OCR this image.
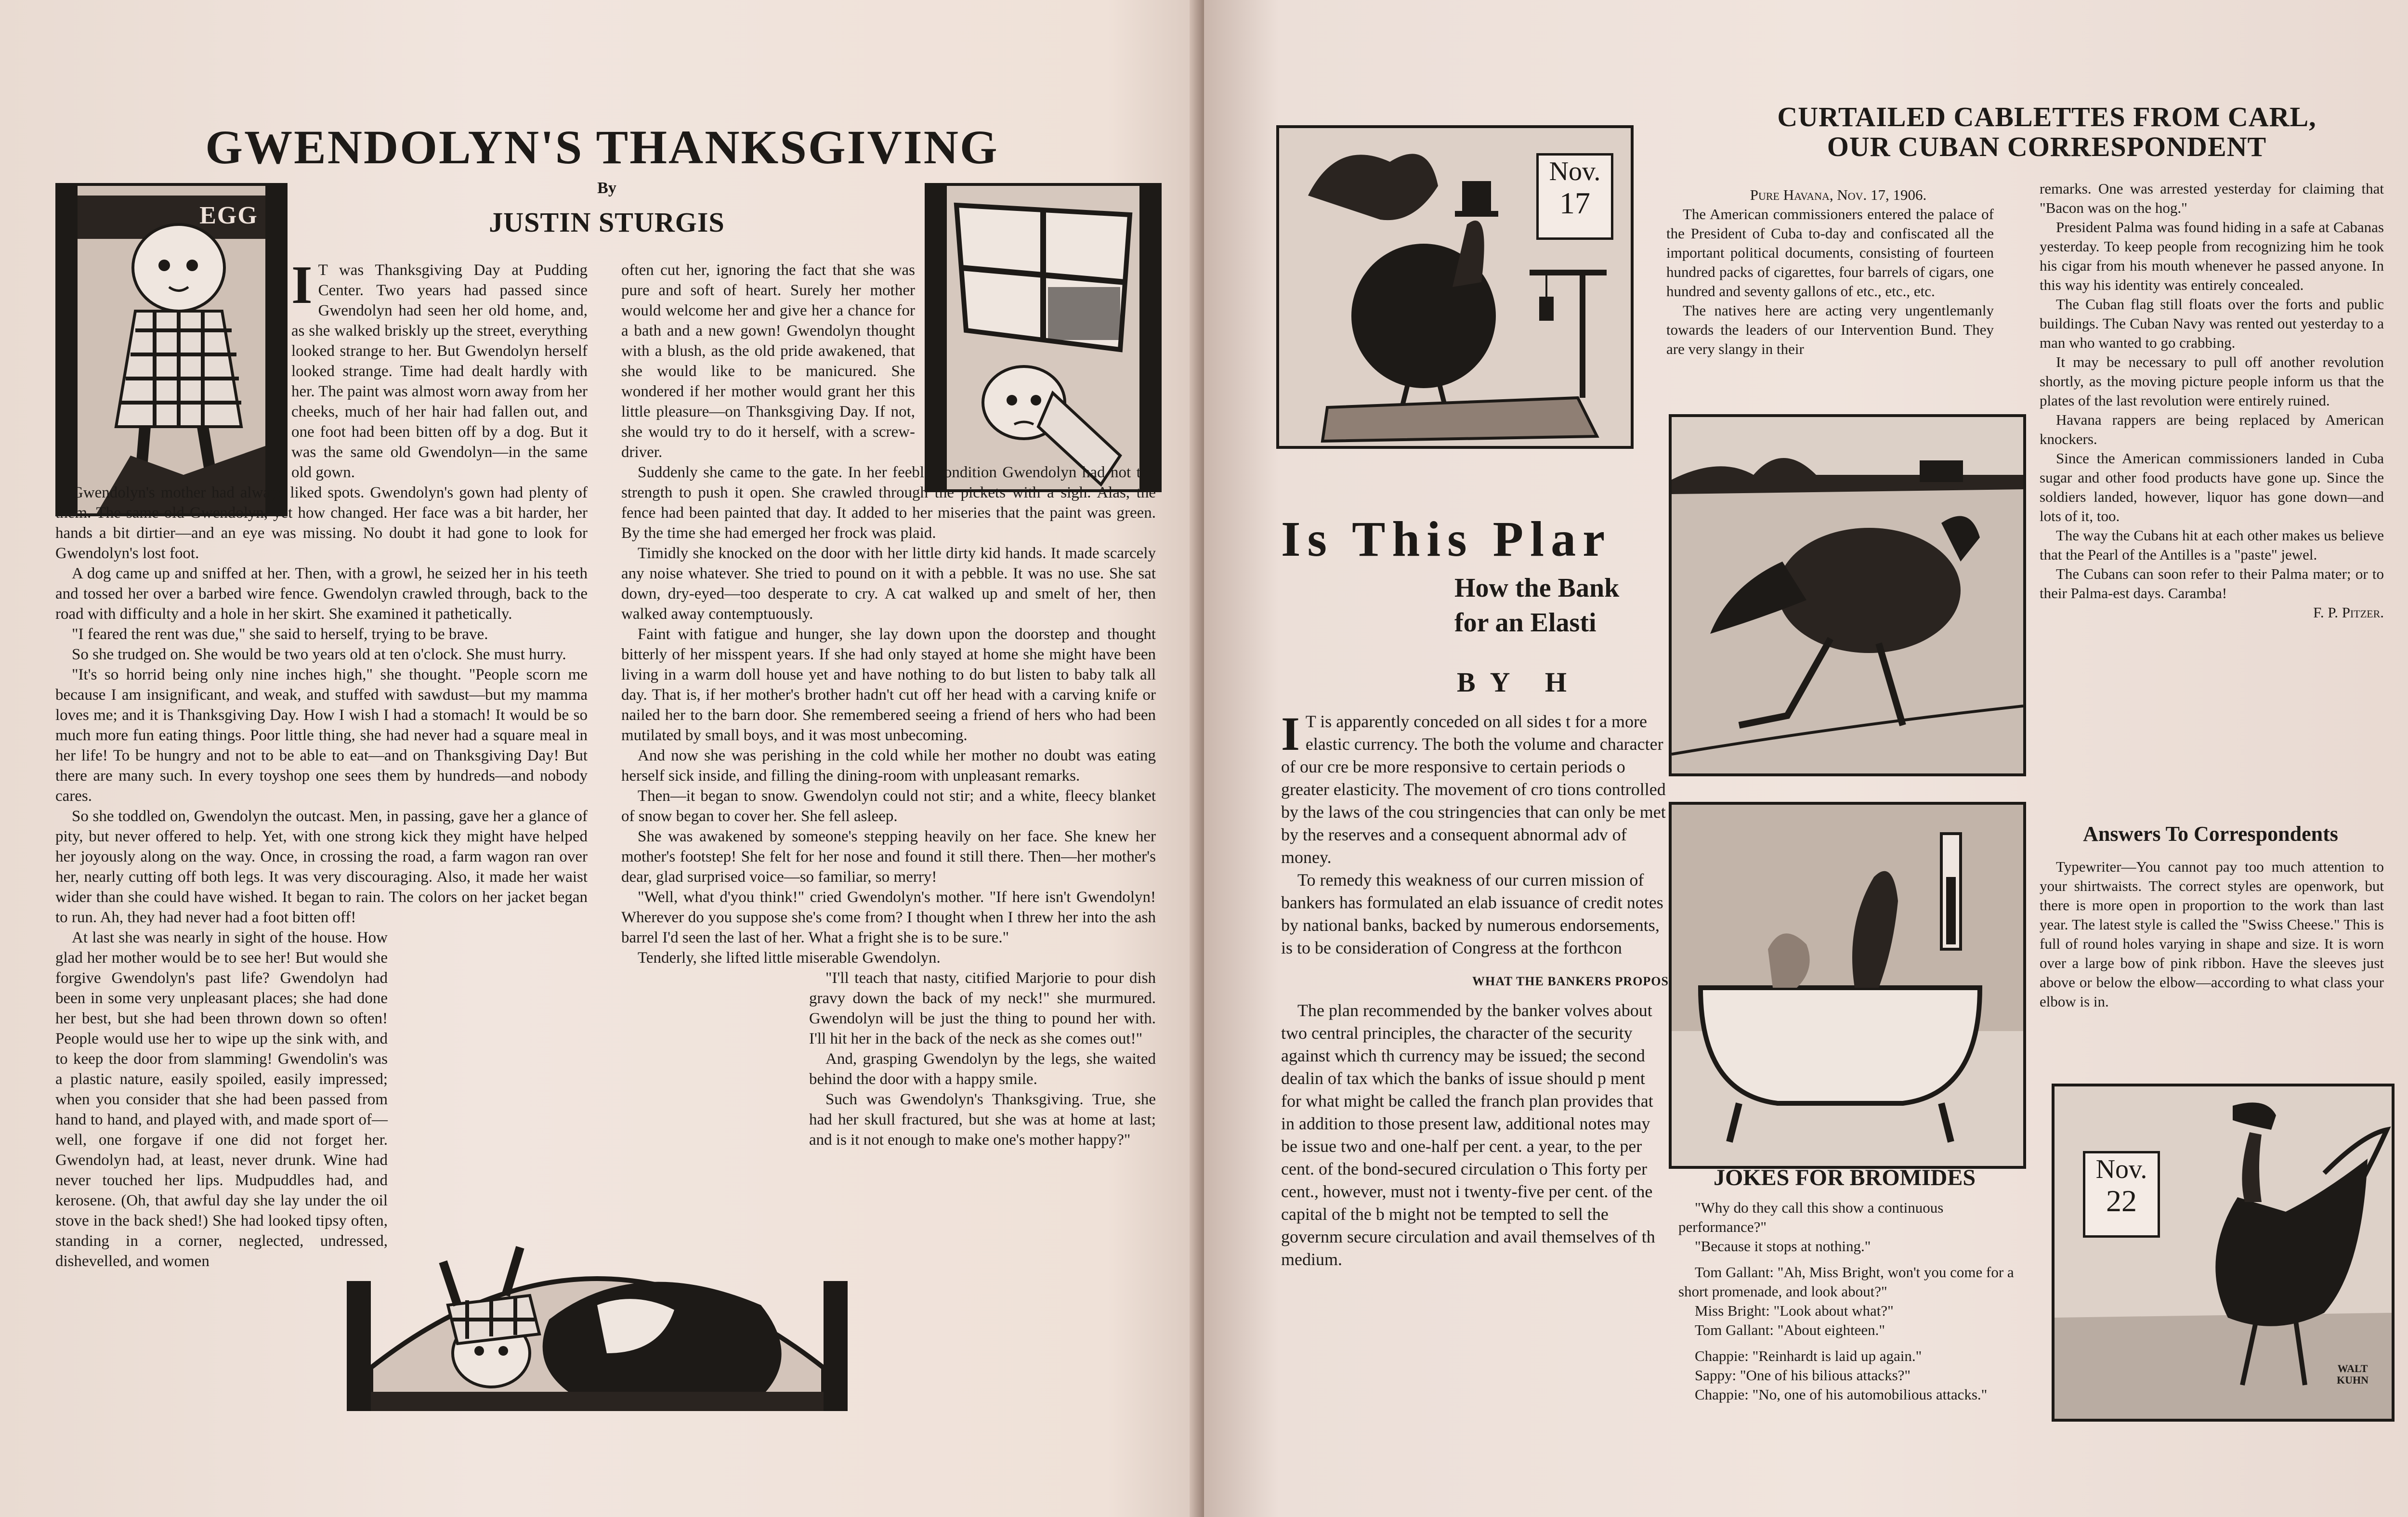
GWENDOLYN'S THANKSGIVING
By
JUSTIN STURGIS
EGG
I T was Thanksgiving Day at Pudding Center. Two years had passed since Gwendolyn had seen her old home, and, as she walked briskly up the street, everything looked strange to her. But Gwendolyn herself looked strange. Time had dealt hardly with her. The paint was almost worn away from her cheeks, much of her hair had fallen out, and one foot had been bitten off by a dog. But it was the same old Gwendolyn—in the same old gown.

Gwendolyn's mother had always liked spots. Gwendolyn's gown had plenty of them. The same old Gwendolyn, yet how changed. Her face was a bit harder, her hands a bit dirtier—and an eye was missing. No doubt it had gone to look for Gwendolyn's lost foot.

A dog came up and sniffed at her. Then, with a growl, he seized her in his teeth and tossed her over a barbed wire fence. Gwendolyn crawled through, back to the road with difficulty and a hole in her skirt. She examined it pathetically.

"I feared the rent was due," she said to herself, trying to be brave.

So she trudged on. She would be two years old at ten o'clock. She must hurry.

"It's so horrid being only nine inches high," she thought. "People scorn me because I am insignificant, and weak, and stuffed with sawdust—but my mamma loves me; and it is Thanksgiving Day. How I wish I had a stomach! It would be so much more fun eating things. Poor little thing, she had never had a square meal in her life! To be hungry and not to be able to eat—and on Thanksgiving Day! But there are many such. In every toyshop one sees them by hundreds—and nobody cares.

So she toddled on, Gwendolyn the outcast. Men, in passing, gave her a glance of pity, but never offered to help. Yet, with one strong kick they might have helped her joyously along on the way. Once, in crossing the road, a farm wagon ran over her, nearly cutting off both legs. It was very discouraging. Also, it made her waist wider than she could have wished. It began to rain. The colors on her jacket began to run. Ah, they had never had a foot bitten off!

At last she was nearly in sight of the house. How glad her mother would be to see her! But would she forgive Gwendolyn's past life? Gwendolyn had been in some very unpleasant places; she had done her best, but she had been thrown down so often! People would use her to wipe up the sink with, and to keep the door from slamming! Gwendolin's was a plastic nature, easily spoiled, easily impressed; when you consider that she had been passed from hand to hand, and played with, and made sport of—well, one forgave if one did not forget her. Gwendolyn had, at least, never drunk. Wine had never touched her lips. Mudpuddles had, and kerosene. (Oh, that awful day she lay under the oil stove in the back shed!) She had looked tipsy often, standing in a corner, neglected, undressed, dishevelled, and women

often cut her, ignoring the fact that she was pure and soft of heart. Surely her mother would welcome her and give her a chance for a bath and a new gown! Gwendolyn thought with a blush, as the old pride awakened, that she would like to be manicured. She wondered if her mother would grant her this little pleasure—on Thanksgiving Day. If not, she would try to do it herself, with a screw-driver.

Suddenly she came to the gate. In her feeble condition Gwendolyn had not the strength to push it open. She crawled through the pickets with a sigh. Alas, the fence had been painted that day. It added to her miseries that the paint was green. By the time she had emerged her frock was plaid.

Timidly she knocked on the door with her little dirty kid hands. It made scarcely any noise whatever. She tried to pound on it with a pebble. It was no use. She sat down, dry-eyed—too desperate to cry. A cat walked up and smelt of her, then walked away contemptuously.

Faint with fatigue and hunger, she lay down upon the doorstep and thought bitterly of her misspent years. If she had only stayed at home she might have been living in a warm doll house yet and have nothing to do but listen to baby talk all day. That is, if her mother's brother hadn't cut off her head with a carving knife or nailed her to the barn door. She remembered seeing a friend of hers who had been mutilated by small boys, and it was most unbecoming.

And now she was perishing in the cold while her mother no doubt was eating herself sick inside, and filling the dining-room with unpleasant remarks.

Then—it began to snow. Gwendolyn could not stir; and a white, fleecy blanket of snow began to cover her. She fell asleep.

She was awakened by someone's stepping heavily on her face. She knew her mother's footstep! She felt for her nose and found it still there. Then—her mother's dear, glad surprised voice—so familiar, so merry!

"Well, what d'you think!" cried Gwendolyn's mother. "If here isn't Gwendolyn! Wherever do you suppose she's come from? I thought when I threw her into the ash barrel I'd seen the last of her. What a fright she is to be sure."

Tenderly, she lifted little miserable Gwendolyn.

"I'll teach that nasty, citified Marjorie to pour dish gravy down the back of my neck!" she murmured. Gwendolyn will be just the thing to pound her with. I'll hit her in the back of the neck as she comes out!"

And, grasping Gwendolyn by the legs, she waited behind the door with a happy smile.

Such was Gwendolyn's Thanksgiving. True, she had her skull fractured, but she was at home at last; and is it not enough to make one's mother happy?"

Nov.
17
CURTAILED CABLETTES FROM CARL,
OUR CUBAN CORRESPONDENT

Pure Havana, Nov. 17, 1906.

The American commissioners entered the palace of the President of Cuba to-day and confiscated all the important political documents, consisting of fourteen hundred packs of cigarettes, four barrels of cigars, one hundred and seventy gallons of etc., etc., etc.

The natives here are acting very ungentlemanly towards the leaders of our Intervention Bund. They are very slangy in their

remarks. One was arrested yesterday for claiming that "Bacon was on the hog."

President Palma was found hiding in a safe at Cabanas yesterday. To keep people from recognizing him he took his cigar from his mouth whenever he passed anyone. In this way his identity was entirely concealed.

The Cuban flag still floats over the forts and public buildings. The Cuban Navy was rented out yesterday to a man who wanted to go crabbing.

It may be necessary to pull off another revolution shortly, as the moving picture people inform us that the plates of the last revolution were entirely ruined.

Havana rappers are being replaced by American knockers.

Since the American commissioners landed in Cuba sugar and other food products have gone up. Since the soldiers landed, however, liquor has gone down—and lots of it, too.

The way the Cubans hit at each other makes us believe that the Pearl of the Antilles is a "paste" jewel.

The Cubans can soon refer to their Palma mater; or to their Palma-est days. Caramba!

F. P. Pitzer.
Answers To Correspondents

Typewriter—You cannot pay too much attention to your shirtwaists. The correct styles are openwork, but there is more open in proportion to the work than last year. The latest style is called the "Swiss Cheese." This is full of round holes varying in shape and size. It is worn over a large bow of pink ribbon. Have the sleeves just above or below the elbow—according to what class your elbow is in.

Nov.
22
WALT KUHN
Is This Plar
How the Bank
for an Elasti
BY H
I T is apparently conceded on all sides t for a more elastic currency. The both the volume and character of our cre be more responsive to certain periods o greater elasticity. The movement of cro tions controlled by the laws of the cou stringencies that can only be met by the reserves and a consequent abnormal adv of money.

To remedy this weakness of our curren mission of bankers has formulated an elab issuance of credit notes by national banks, backed by numerous endorsements, is to be consideration of Congress at the forthcon

WHAT THE BANKERS PROPOS

The plan recommended by the banker volves about two central principles, the character of the security against which th currency may be issued; the second dealin of tax which the banks of issue should p ment for what might be called the franch plan provides that in addition to those present law, additional notes may be issue two and one-half per cent. a year, to the per cent. of the bond-secured circulation o This forty per cent., however, must not i twenty-five per cent. of the capital of the b might not be tempted to sell the governm secure circulation and avail themselves of th medium.

JOKES FOR BROMIDES

"Why do they call this show a continuous performance?"

"Because it stops at nothing."

Tom Gallant: "Ah, Miss Bright, won't you come for a short promenade, and look about?"

Miss Bright: "Look about what?"

Tom Gallant: "About eighteen."

Chappie: "Reinhardt is laid up again."

Sappy: "One of his bilious attacks?"

Chappie: "No, one of his automobilious attacks."
